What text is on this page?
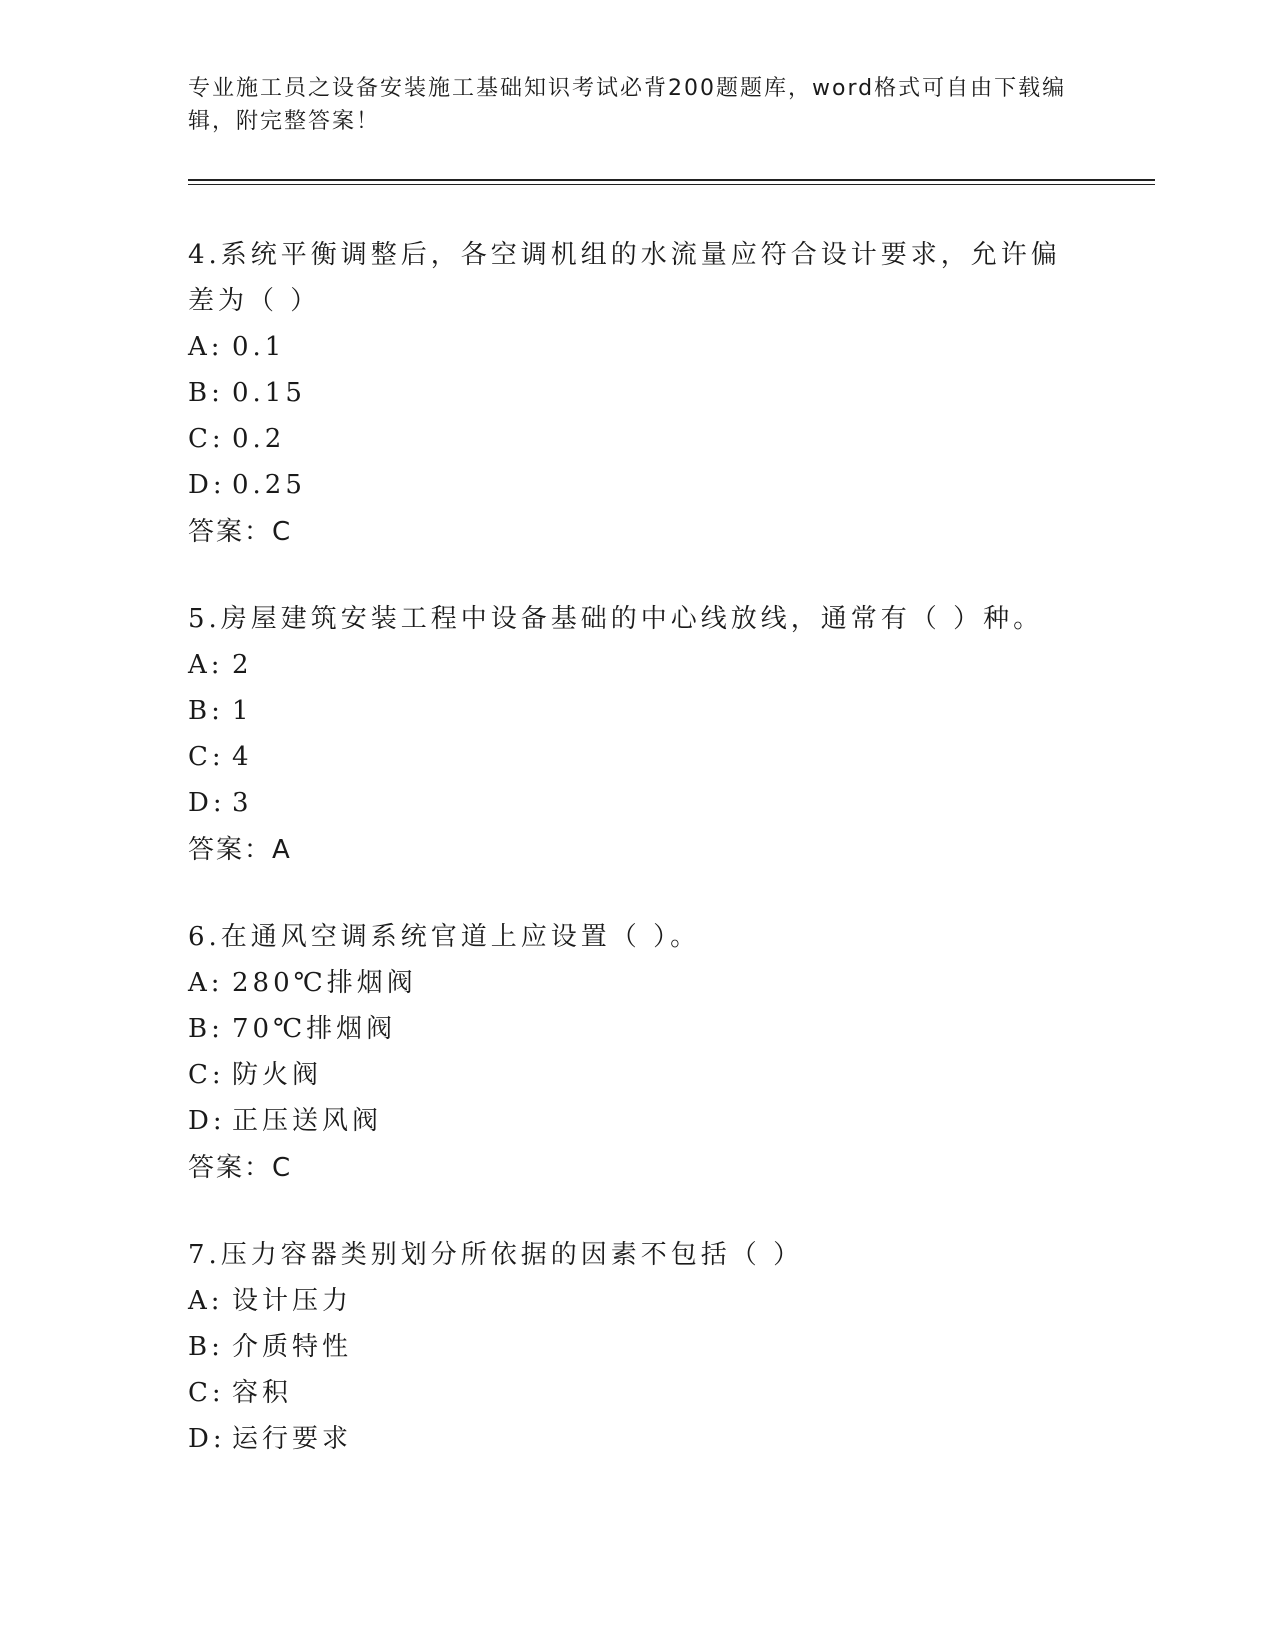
专业施工员之设备安装施工基础知识考试必背200题题库，word格式可自由下载编辑，附完整答案！

4.系统平衡调整后，各空调机组的水流量应符合设计要求，允许偏差为（ ）

A: 0.1

B: 0.15

C: 0.2

D: 0.25

答案：C

5.房屋建筑安装工程中设备基础的中心线放线，通常有（ ）种。

A: 2

B: 1

C: 4

D: 3

答案：A

6.在通风空调系统官道上应设置（ ）。

A: 280℃排烟阀

B: 70℃排烟阀

C: 防火阀

D: 正压送风阀

答案：C

7.压力容器类别划分所依据的因素不包括（ ）

A: 设计压力

B: 介质特性

C: 容积

D: 运行要求
